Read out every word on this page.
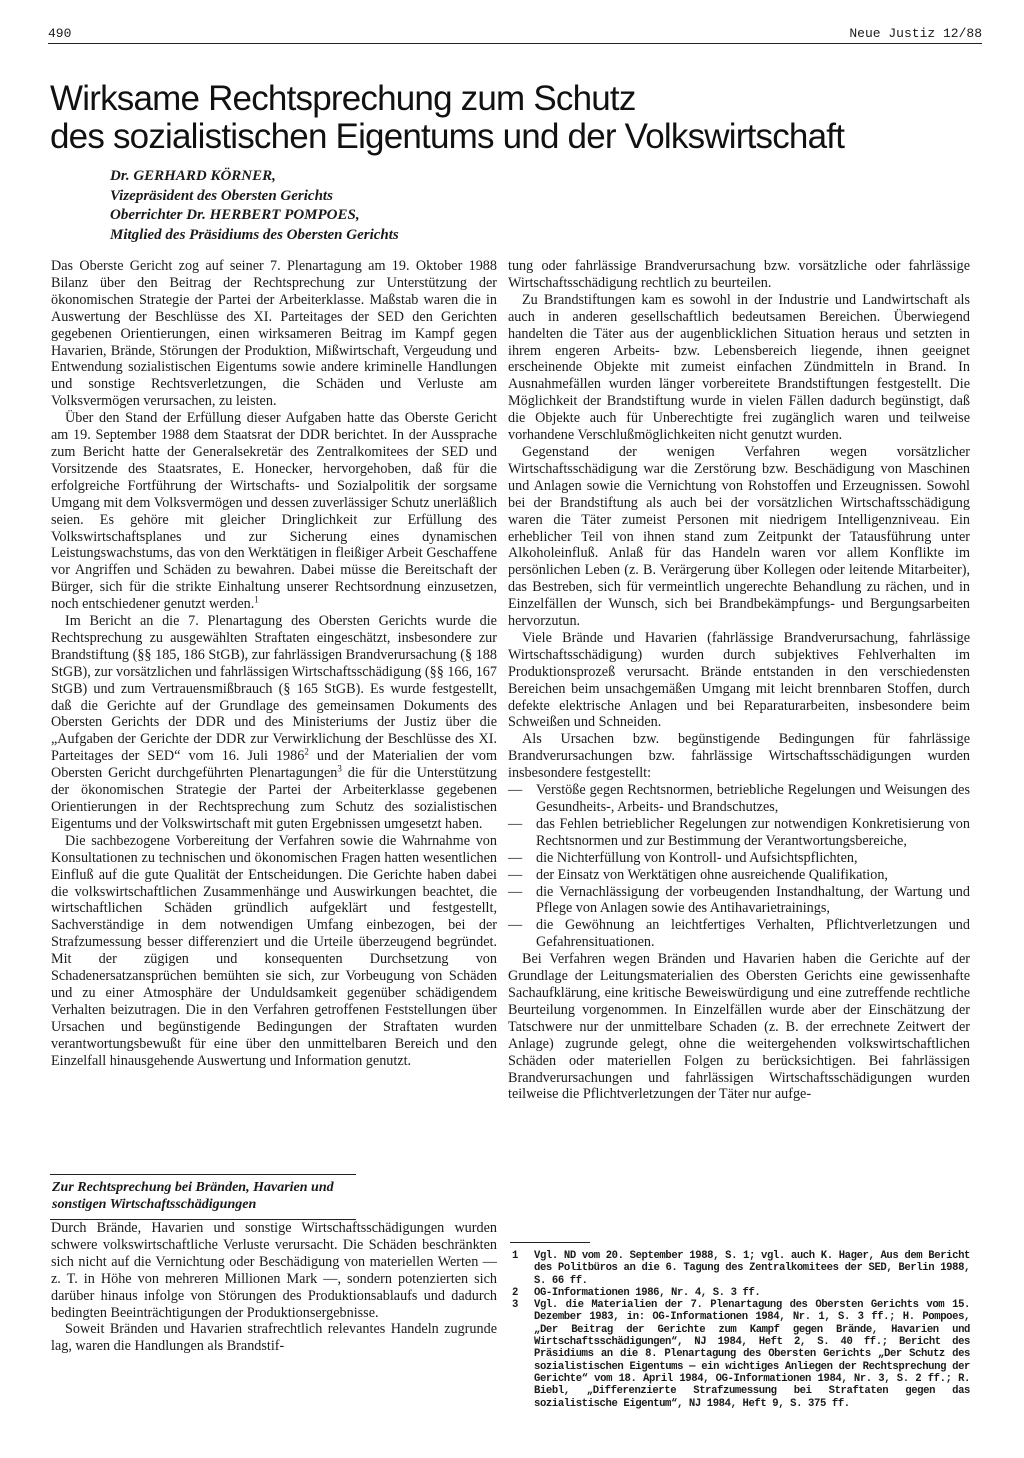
490	Neue Justiz 12/88
Wirksame Rechtsprechung zum Schutz
des sozialistischen Eigentums und der Volkswirtschaft
Dr. GERHARD KÖRNER,
Vizepräsident des Obersten Gerichts
Oberrichter Dr. HERBERT POMPOES,
Mitglied des Präsidiums des Obersten Gerichts

Das Oberste Gericht zog auf seiner 7. Plenartagung am 19. Oktober 1988 Bilanz über den Beitrag der Rechtsprechung zur Unterstützung der ökonomischen Strategie der Partei der Arbeiterklasse. Maßstab waren die in Auswertung der Beschlüsse des XI. Parteitages der SED den Gerichten gegebenen Orientierungen, einen wirksameren Beitrag im Kampf gegen Havarien, Brände, Störungen der Produktion, Mißwirtschaft, Vergeudung und Entwendung sozialistischen Eigentums sowie andere kriminelle Handlungen und sonstige Rechtsverletzungen, die Schäden und Verluste am Volksvermögen verursachen, zu leisten.

Über den Stand der Erfüllung dieser Aufgaben hatte das Oberste Gericht am 19. September 1988 dem Staatsrat der DDR berichtet. In der Aussprache zum Bericht hatte der Generalsekretär des Zentralkomitees der SED und Vorsitzende des Staatsrates, E. Honecker, hervorgehoben, daß für die erfolgreiche Fortführung der Wirtschafts- und Sozialpolitik der sorgsame Umgang mit dem Volksvermögen und dessen zuverlässiger Schutz unerläßlich seien. Es gehöre mit gleicher Dringlichkeit zur Erfüllung des Volkswirtschaftsplanes und zur Sicherung eines dynamischen Leistungswachstums, das von den Werktätigen in fleißiger Arbeit Geschaffene vor Angriffen und Schäden zu bewahren. Dabei müsse die Bereitschaft der Bürger, sich für die strikte Einhaltung unserer Rechtsordnung einzusetzen, noch entschiedener genutzt werden.$^1$

Im Bericht an die 7. Plenartagung des Obersten Gerichts wurde die Rechtsprechung zu ausgewählten Straftaten eingeschätzt, insbesondere zur Brandstiftung (§§ 185, 186 StGB), zur fahrlässigen Brandverursachung (§ 188 StGB), zur vorsätzlichen und fahrlässigen Wirtschaftsschädigung (§§ 166, 167 StGB) und zum Vertrauensmißbrauch (§ 165 StGB). Es wurde festgestellt, daß die Gerichte auf der Grundlage des gemeinsamen Dokuments des Obersten Gerichts der DDR und des Ministeriums der Justiz über die „Aufgaben der Gerichte der DDR zur Verwirklichung der Beschlüsse des XI. Parteitages der SED“ vom 16. Juli 1986$^2$ und der Materialien der vom Obersten Gericht durchgeführten Plenartagungen$^3$ die für die Unterstützung der ökonomischen Strategie der Partei der Arbeiterklasse gegebenen Orientierungen in der Rechtsprechung zum Schutz des sozialistischen Eigentums und der Volkswirtschaft mit guten Ergebnissen umgesetzt haben.

Die sachbezogene Vorbereitung der Verfahren sowie die Wahrnahme von Konsultationen zu technischen und ökonomischen Fragen hatten wesentlichen Einfluß auf die gute Qualität der Entscheidungen. Die Gerichte haben dabei die volkswirtschaftlichen Zusammenhänge und Auswirkungen beachtet, die wirtschaftlichen Schäden gründlich aufgeklärt und festgestellt, Sachverständige in dem notwendigen Umfang einbezogen, bei der Strafzumessung besser differenziert und die Urteile überzeugend begründet. Mit der zügigen und konsequenten Durchsetzung von Schadenersatzansprüchen bemühten sie sich, zur Vorbeugung von Schäden und zu einer Atmosphäre der Unduldsamkeit gegenüber schädigendem Verhalten beizutragen. Die in den Verfahren getroffenen Feststellungen über Ursachen und begünstigende Bedingungen der Straftaten wurden verantwortungsbewußt für eine über den unmittelbaren Bereich und den Einzelfall hinausgehende Auswertung und Information genutzt.

Zur Rechtsprechung bei Bränden, Havarien und sonstigen Wirtschaftsschädigungen

Durch Brände, Havarien und sonstige Wirtschaftsschädigungen wurden schwere volkswirtschaftliche Verluste verursacht. Die Schäden beschränkten sich nicht auf die Vernichtung oder Beschädigung von materiellen Werten — z. T. in Höhe von mehreren Millionen Mark —, sondern potenzierten sich darüber hinaus infolge von Störungen des Produktionsablaufs und dadurch bedingten Beeinträchtigungen der Produktionsergebnisse.

Soweit Bränden und Havarien strafrechtlich relevantes Handeln zugrunde lag, waren die Handlungen als Brandstif-

tung oder fahrlässige Brandverursachung bzw. vorsätzliche oder fahrlässige Wirtschaftsschädigung rechtlich zu beurteilen.

Zu Brandstiftungen kam es sowohl in der Industrie und Landwirtschaft als auch in anderen gesellschaftlich bedeutsamen Bereichen. Überwiegend handelten die Täter aus der augenblicklichen Situation heraus und setzten in ihrem engeren Arbeits- bzw. Lebensbereich liegende, ihnen geeignet erscheinende Objekte mit zumeist einfachen Zündmitteln in Brand. In Ausnahmefällen wurden länger vorbereitete Brandstiftungen festgestellt. Die Möglichkeit der Brandstiftung wurde in vielen Fällen dadurch begünstigt, daß die Objekte auch für Unberechtigte frei zugänglich waren und teilweise vorhandene Verschlußmöglichkeiten nicht genutzt wurden.

Gegenstand der wenigen Verfahren wegen vorsätzlicher Wirtschaftsschädigung war die Zerstörung bzw. Beschädigung von Maschinen und Anlagen sowie die Vernichtung von Rohstoffen und Erzeugnissen. Sowohl bei der Brandstiftung als auch bei der vorsätzlichen Wirtschaftsschädigung waren die Täter zumeist Personen mit niedrigem Intelligenzniveau. Ein erheblicher Teil von ihnen stand zum Zeitpunkt der Tatausführung unter Alkoholeinfluß. Anlaß für das Handeln waren vor allem Konflikte im persönlichen Leben (z. B. Verärgerung über Kollegen oder leitende Mitarbeiter), das Bestreben, sich für vermeintlich ungerechte Behandlung zu rächen, und in Einzelfällen der Wunsch, sich bei Brandbekämpfungs- und Bergungsarbeiten hervorzutun.

Viele Brände und Havarien (fahrlässige Brandverursachung, fahrlässige Wirtschaftsschädigung) wurden durch subjektives Fehlverhalten im Produktionsprozeß verursacht. Brände entstanden in den verschiedensten Bereichen beim unsachgemäßen Umgang mit leicht brennbaren Stoffen, durch defekte elektrische Anlagen und bei Reparaturarbeiten, insbesondere beim Schweißen und Schneiden.

Als Ursachen bzw. begünstigende Bedingungen für fahrlässige Brandverursachungen bzw. fahrlässige Wirtschaftsschädigungen wurden insbesondere festgestellt:

— Verstöße gegen Rechtsnormen, betriebliche Regelungen und Weisungen des Gesundheits-, Arbeits- und Brandschutzes,
— das Fehlen betrieblicher Regelungen zur notwendigen Konkretisierung von Rechtsnormen und zur Bestimmung der Verantwortungsbereiche,
— die Nichterfüllung von Kontroll- und Aufsichtspflichten,
— der Einsatz von Werktätigen ohne ausreichende Qualifikation,
— die Vernachlässigung der vorbeugenden Instandhaltung, der Wartung und Pflege von Anlagen sowie des Antihavarietrainings,
— die Gewöhnung an leichtfertiges Verhalten, Pflichtverletzungen und Gefahrensituationen.

Bei Verfahren wegen Bränden und Havarien haben die Gerichte auf der Grundlage der Leitungsmaterialien des Obersten Gerichts eine gewissenhafte Sachaufklärung, eine kritische Beweiswürdigung und eine zutreffende rechtliche Beurteilung vorgenommen. In Einzelfällen wurde aber der Einschätzung der Tatschwere nur der unmittelbare Schaden (z. B. der errechnete Zeitwert der Anlage) zugrunde gelegt, ohne die weitergehenden volkswirtschaftlichen Schäden oder materiellen Folgen zu berücksichtigen. Bei fahrlässigen Brandverursachungen und fahrlässigen Wirtschaftsschädigungen wurden teilweise die Pflichtverletzungen der Täter nur aufge-

1	Vgl. ND vom 20. September 1988, S. 1; vgl. auch K. Hager, Aus dem Bericht des Politbüros an die 6. Tagung des Zentralkomitees der SED, Berlin 1988, S. 66 ff.
2	OG-Informationen 1986, Nr. 4, S. 3 ff.
3	Vgl. die Materialien der 7. Plenartagung des Obersten Gerichts vom 15. Dezember 1983, in: OG-Informationen 1984, Nr. 1, S. 3 ff.; H. Pompoes, „Der Beitrag der Gerichte zum Kampf gegen Brände, Havarien und Wirtschaftsschädigungen“, NJ 1984, Heft 2, S. 40 ff.; Bericht des Präsidiums an die 8. Plenartagung des Obersten Gerichts „Der Schutz des sozialistischen Eigentums — ein wichtiges Anliegen der Rechtsprechung der Gerichte“ vom 18. April 1984, OG-Informationen 1984, Nr. 3, S. 2 ff.; R. Biebl, „Differenzierte Strafzumessung bei Straftaten gegen das sozialistische Eigentum“, NJ 1984, Heft 9, S. 375 ff.
